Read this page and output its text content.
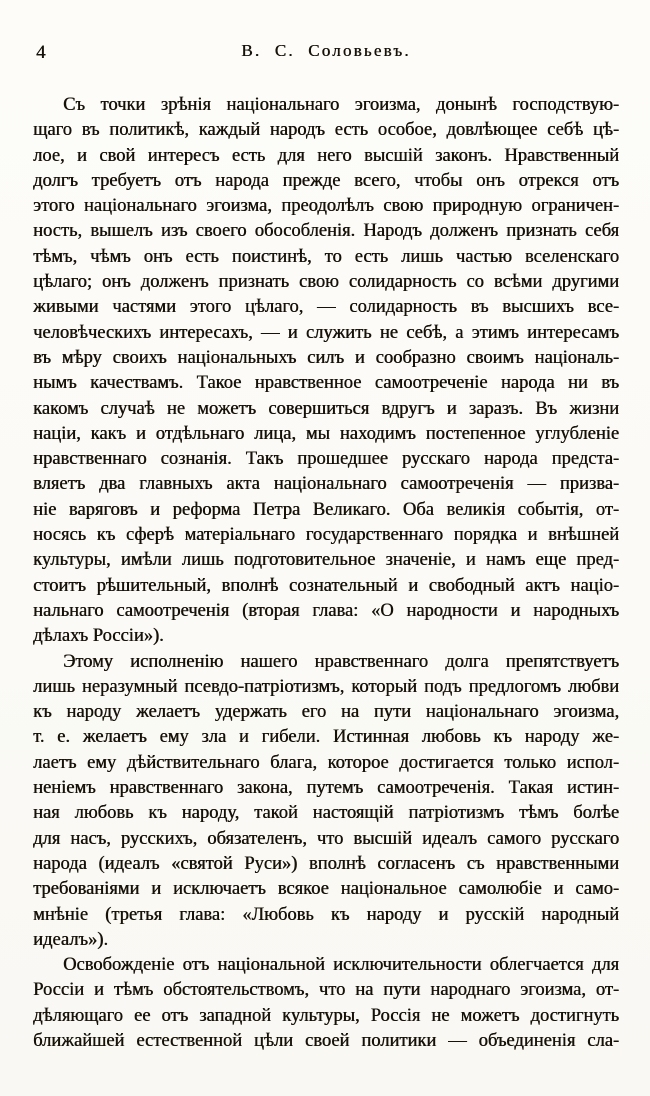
4	В. С. Соловьевъ.
Съ точки зрѣнія національнаго эгоизма, донынѣ господствую-
щаго въ политикѣ, каждый народъ есть особое, довлѣющее себѣ цѣ-
лое, и свой интересъ есть для него высшій законъ. Нравственный
долгъ требуетъ отъ народа прежде всего, чтобы онъ отрекся отъ
этого національнаго эгоизма, преодолѣлъ свою природную ограничен-
ность, вышелъ изъ своего обособленія. Народъ долженъ признать себя
тѣмъ, чѣмъ онъ есть поистинѣ, то есть лишь частью вселенскаго
цѣлаго; онъ долженъ признать свою солидарность со всѣми другими
живыми частями этого цѣлаго, — солидарность въ высшихъ все-
человѣческихъ интересахъ, — и служить не себѣ, а этимъ интересамъ
въ мѣру своихъ національныхъ силъ и сообразно своимъ національ-
нымъ качествамъ. Такое нравственное самоотреченіе народа ни въ
какомъ случаѣ не можетъ совершиться вдругъ и заразъ. Въ жизни
націи, какъ и отдѣльнаго лица, мы находимъ постепенное углубленіе
нравственнаго сознанія. Такъ прошедшее русскаго народа предста-
вляетъ два главныхъ акта національнаго самоотреченія — призва-
ніе варяговъ и реформа Петра Великаго. Оба великія событія, от-
носясь къ сферѣ матеріальнаго государственнаго порядка и внѣшней
культуры, имѣли лишь подготовительное значеніе, и намъ еще пред-
стоитъ рѣшительный, вполнѣ сознательный и свободный актъ націо-
нальнаго самоотреченія (вторая глава: «О народности и народныхъ
дѣлахъ Россіи»).
Этому исполненію нашего нравственнаго долга препятствуетъ
лишь неразумный псевдо-патріотизмъ, который подъ предлогомъ любви
къ народу желаетъ удержать его на пути національнаго эгоизма,
т. е. желаетъ ему зла и гибели. Истинная любовь къ народу же-
лаетъ ему дѣйствительнаго блага, которое достигается только испол-
неніемъ нравственнаго закона, путемъ самоотреченія. Такая истин-
ная любовь къ народу, такой настоящій патріотизмъ тѣмъ болѣе
для насъ, русскихъ, обязателенъ, что высшій идеалъ самого русскаго
народа (идеалъ «святой Руси») вполнѣ согласенъ съ нравственными
требованіями и исключаетъ всякое національное самолюбіе и само-
мнѣніе (третья глава: «Любовь къ народу и русскій народный
идеалъ»).
Освобожденіе отъ національной исключительности облегчается для
Россіи и тѣмъ обстоятельствомъ, что на пути народнаго эгоизма, от-
дѣляющаго ее отъ западной культуры, Россія не можетъ достигнуть
ближайшей естественной цѣли своей политики — объединенія сла-
